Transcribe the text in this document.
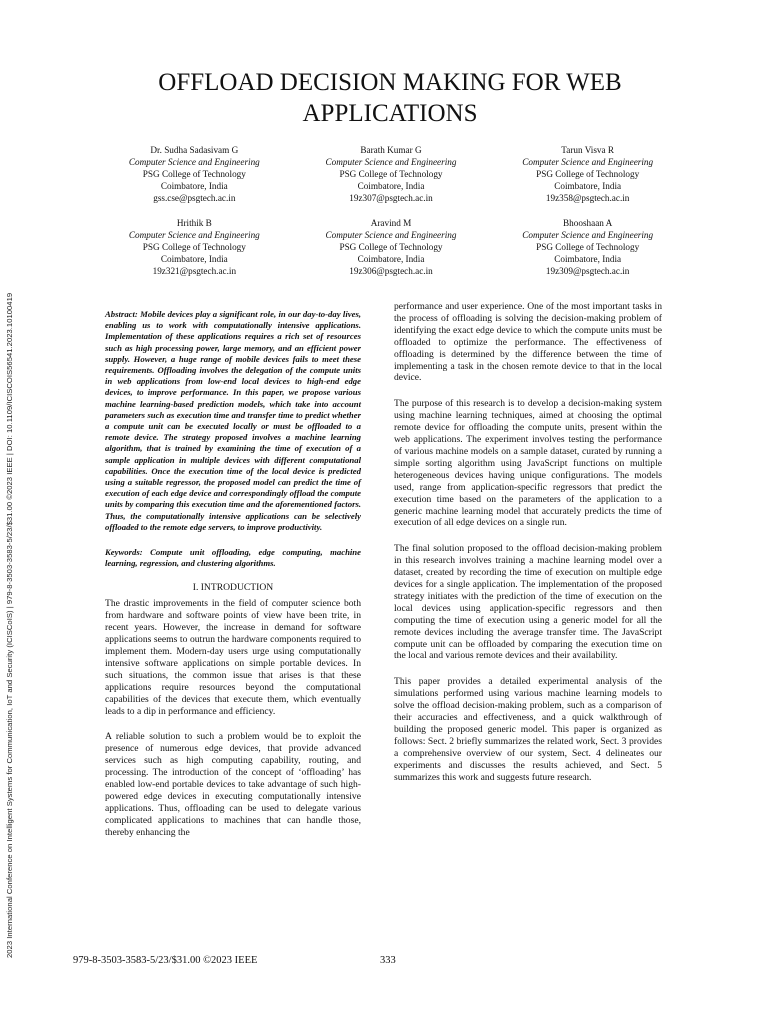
2023 International Conference on Intelligent Systems for Communication, IoT and Security (ICISCoIS) | 979-8-3503-3583-5/23/$31.00 ©2023 IEEE | DOI: 10.1109/ICISCOIS56541.2023.10100419
OFFLOAD DECISION MAKING FOR WEB APPLICATIONS
Dr. Sudha Sadasivam G
Computer Science and Engineering
PSG College of Technology
Coimbatore, India
gss.cse@psgtech.ac.in
Barath Kumar G
Computer Science and Engineering
PSG College of Technology
Coimbatore, India
19z307@psgtech.ac.in
Tarun Visva R
Computer Science and Engineering
PSG College of Technology
Coimbatore, India
19z358@psgtech.ac.in
Hrithik B
Computer Science and Engineering
PSG College of Technology
Coimbatore, India
19z321@psgtech.ac.in
Aravind M
Computer Science and Engineering
PSG College of Technology
Coimbatore, India
19z306@psgtech.ac.in
Bhooshaan A
Computer Science and Engineering
PSG College of Technology
Coimbatore, India
19z309@psgtech.ac.in

Abstract: Mobile devices play a significant role, in our day-to-day lives, enabling us to work with computationally intensive applications. Implementation of these applications requires a rich set of resources such as high processing power, large memory, and an efficient power supply. However, a huge range of mobile devices fails to meet these requirements. Offloading involves the delegation of the compute units in web applications from low-end local devices to high-end edge devices, to improve performance. In this paper, we propose various machine learning-based prediction models, which take into account parameters such as execution time and transfer time to predict whether a compute unit can be executed locally or must be offloaded to a remote device. The strategy proposed involves a machine learning algorithm, that is trained by examining the time of execution of a sample application in multiple devices with different computational capabilities. Once the execution time of the local device is predicted using a suitable regressor, the proposed model can predict the time of execution of each edge device and correspondingly offload the compute units by comparing this execution time and the aforementioned factors. Thus, the computationally intensive applications can be selectively offloaded to the remote edge servers, to improve productivity.

Keywords: Compute unit offloading, edge computing, machine learning, regression, and clustering algorithms.

I. INTRODUCTION

The drastic improvements in the field of computer science both from hardware and software points of view have been trite, in recent years. However, the increase in demand for software applications seems to outrun the hardware components required to implement them. Modern-day users urge using computationally intensive software applications on simple portable devices. In such situations, the common issue that arises is that these applications require resources beyond the computational capabilities of the devices that execute them, which eventually leads to a dip in performance and efficiency.

A reliable solution to such a problem would be to exploit the presence of numerous edge devices, that provide advanced services such as high computing capability, routing, and processing. The introduction of the concept of ‘offloading’ has enabled low-end portable devices to take advantage of such high-powered edge devices in executing computationally intensive applications. Thus, offloading can be used to delegate various complicated applications to machines that can handle those, thereby enhancing the

performance and user experience. One of the most important tasks in the process of offloading is solving the decision-making problem of identifying the exact edge device to which the compute units must be offloaded to optimize the performance. The effectiveness of offloading is determined by the difference between the time of implementing a task in the chosen remote device to that in the local device.

The purpose of this research is to develop a decision-making system using machine learning techniques, aimed at choosing the optimal remote device for offloading the compute units, present within the web applications. The experiment involves testing the performance of various machine models on a sample dataset, curated by running a simple sorting algorithm using JavaScript functions on multiple heterogeneous devices having unique configurations. The models used, range from application-specific regressors that predict the execution time based on the parameters of the application to a generic machine learning model that accurately predicts the time of execution of all edge devices on a single run.

The final solution proposed to the offload decision-making problem in this research involves training a machine learning model over a dataset, created by recording the time of execution on multiple edge devices for a single application. The implementation of the proposed strategy initiates with the prediction of the time of execution on the local devices using application-specific regressors and then computing the time of execution using a generic model for all the remote devices including the average transfer time. The JavaScript compute unit can be offloaded by comparing the execution time on the local and various remote devices and their availability.

This paper provides a detailed experimental analysis of the simulations performed using various machine learning models to solve the offload decision-making problem, such as a comparison of their accuracies and effectiveness, and a quick walkthrough of building the proposed generic model. This paper is organized as follows: Sect. 2 briefly summarizes the related work, Sect. 3 provides a comprehensive overview of our system, Sect. 4 delineates our experiments and discusses the results achieved, and Sect. 5 summarizes this work and suggests future research.

979-8-3503-3583-5/23/$31.00 ©2023 IEEE	333
